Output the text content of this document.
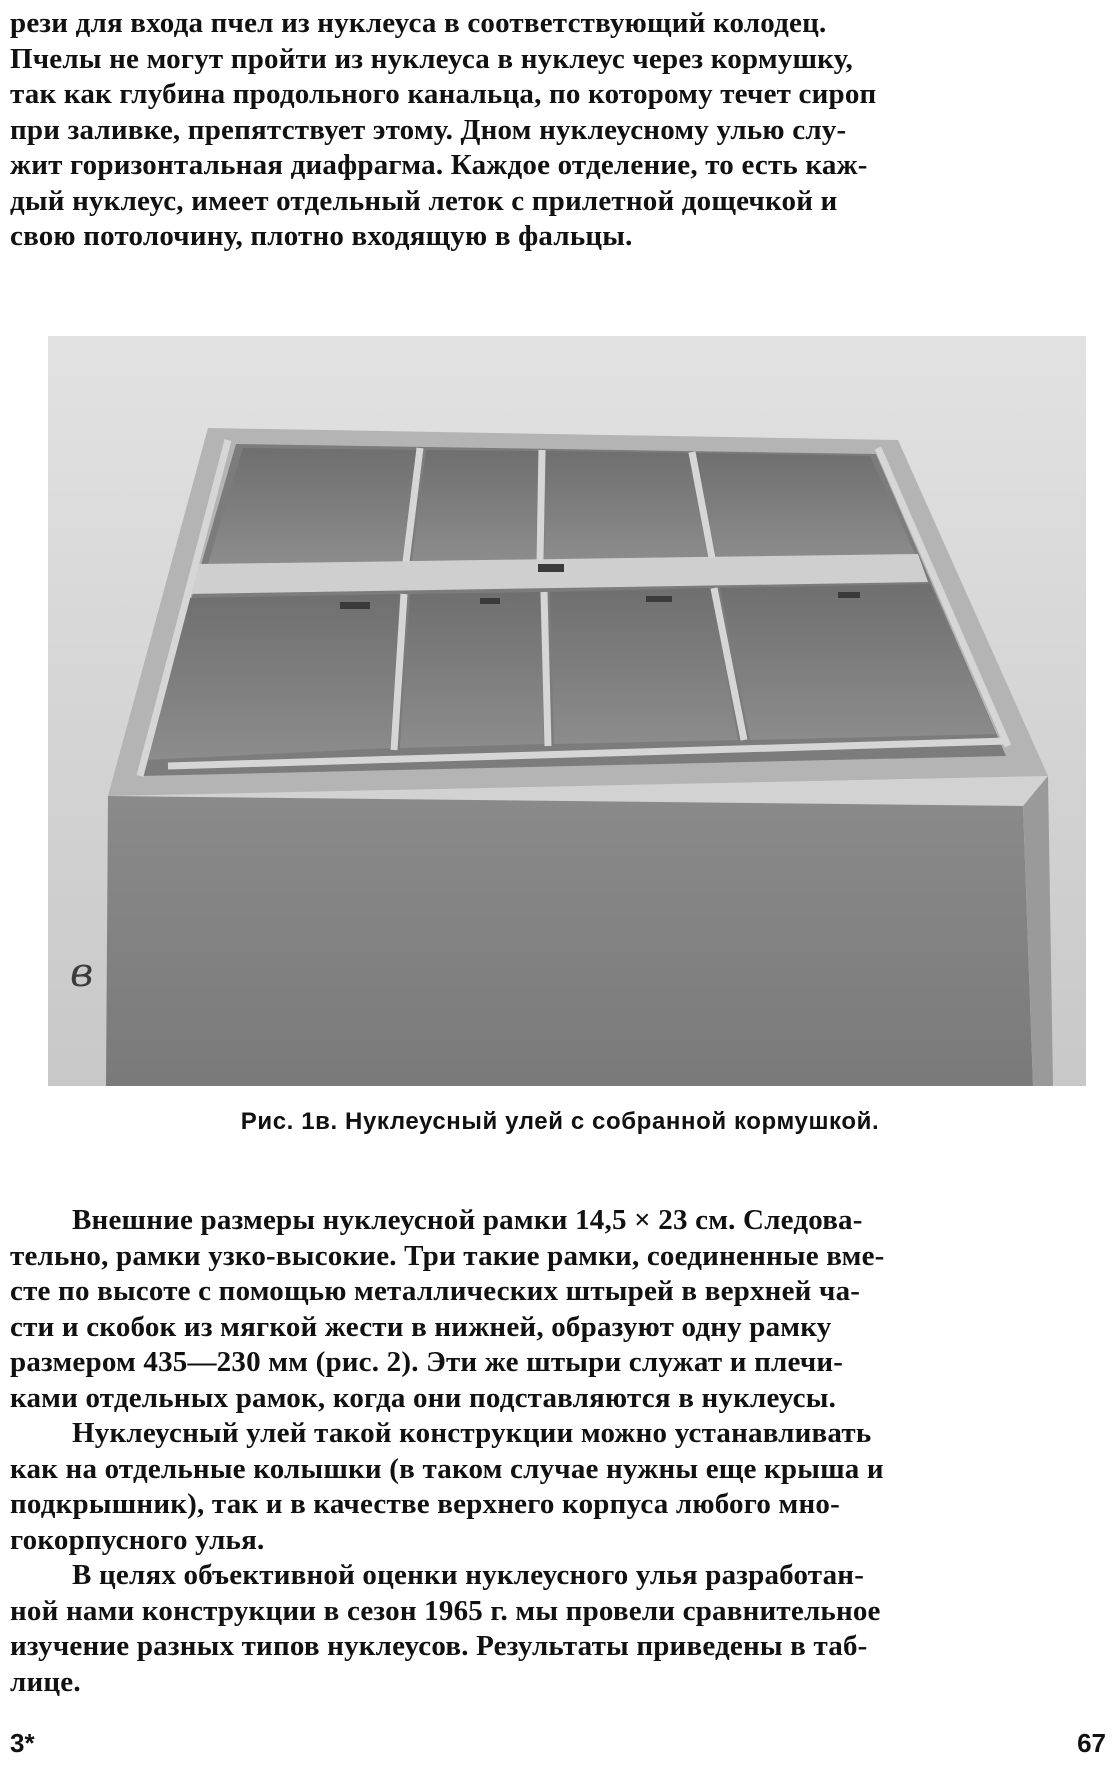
рези для входа пчел из нуклеуса в соответствующий колодец.
Пчелы не могут пройти из нуклеуса в нуклеус через кормушку,
так как глубина продольного канальца, по которому течет сироп
при заливке, препятствует этому. Дном нуклеусному улью слу-
жит горизонтальная диафрагма. Каждое отделение, то есть каж-
дый нуклеус, имеет отдельный леток с прилетной дощечкой и
свою потолочину, плотно входящую в фальцы.

в
Рис. 1в. Нуклеусный улей с собранной кормушкой.

Внешние размеры нуклеусной рамки 14,5 × 23 см. Следова-
тельно, рамки узко-высокие. Три такие рамки, соединенные вме-
сте по высоте с помощью металлических штырей в верхней ча-
сти и скобок из мягкой жести в нижней, образуют одну рамку
размером 435—230 мм (рис. 2). Эти же штыри служат и плечи-
ками отдельных рамок, когда они подставляются в нуклеусы.

Нуклеусный улей такой конструкции можно устанавливать
как на отдельные колышки (в таком случае нужны еще крыша и
подкрышник), так и в качестве верхнего корпуса любого мно-
гокорпусного улья.

В целях объективной оценки нуклеусного улья разработан-
ной нами конструкции в сезон 1965 г. мы провели сравнительное
изучение разных типов нуклеусов. Результаты приведены в таб-
лице.

3*	67
